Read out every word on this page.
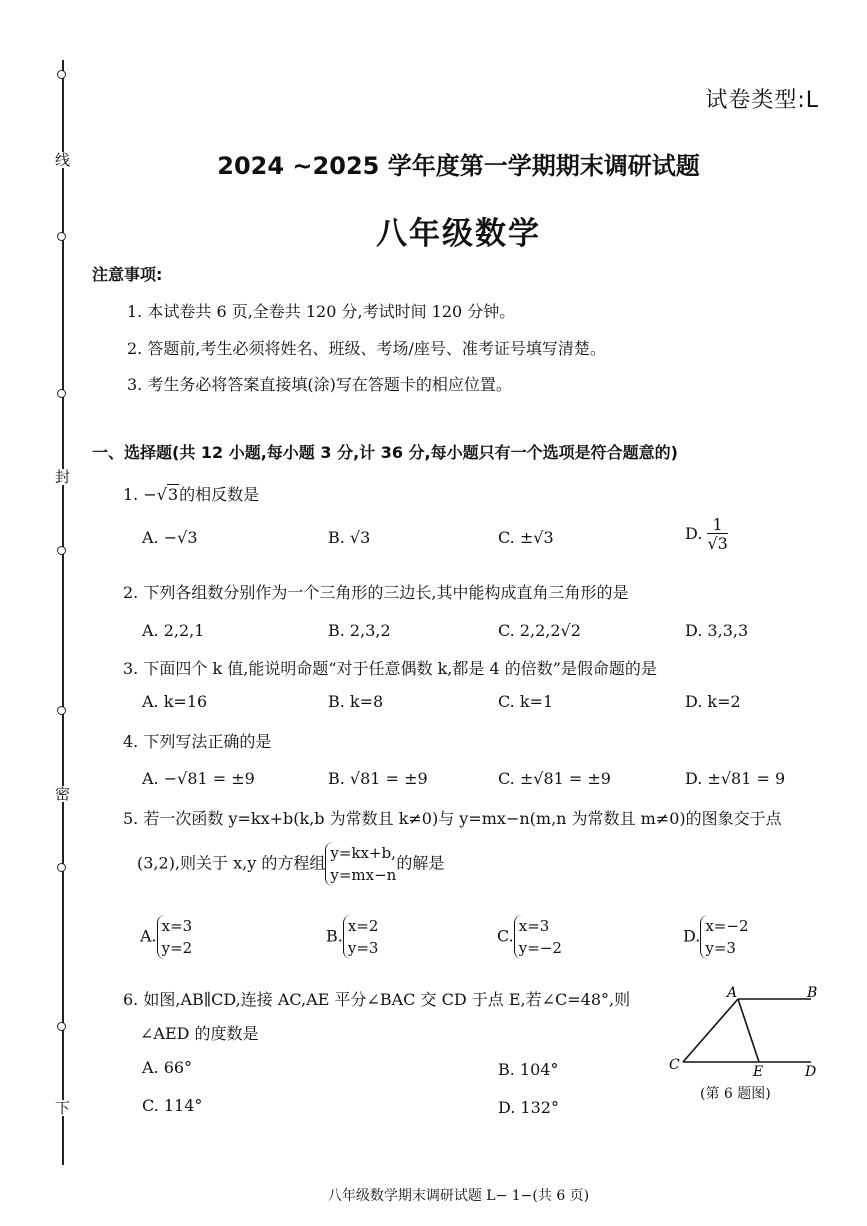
线
封
密
下
试卷类型:L
2024 ~2025 学年度第一学期期末调研试题
八年级数学
注意事项:
1. 本试卷共 6 页,全卷共 120 分,考试时间 120 分钟。
2. 答题前,考生必须将姓名、班级、考场/座号、准考证号填写清楚。
3. 考生务必将答案直接填(涂)写在答题卡的相应位置。
一、选择题(共 12 小题,每小题 3 分,计 36 分,每小题只有一个选项是符合题意的)
1. −√3的相反数是
A. −√3	B. √3	C. ±√3	D. $\frac{1}{√3}$
2. 下列各组数分别作为一个三角形的三边长,其中能构成直角三角形的是
A. 2,2,1	B. 2,3,2	C. 2,2,2√2	D. 3,3,3
3. 下面四个 k 值,能说明命题“对于任意偶数 k,都是 4 的倍数”是假命题的是
A. k=16	B. k=8	C. k=1	D. k=2
4. 下列写法正确的是
A. −√81 = ±9	B. √81 = ±9	C. ±√81 = ±9	D. ±√81 = 9
5. 若一次函数 y=kx+b(k,b 为常数且 k≠0)与 y=mx−n(m,n 为常数且 m≠0)的图象交于点
(3,2),则关于 x,y 的方程组y=kx+b,
y=mx−n的解是
A.x=3
y=2
B.x=2
y=3
C.x=3
y=−2
D.x=−2
y=3
6. 如图,AB∥CD,连接 AC,AE 平分∠BAC 交 CD 于点 E,若∠C=48°,则
∠AED 的度数是
A. 66°	B. 104°
C. 114°	D. 132°
A	B
C	E	D
(第 6 题图)
八年级数学期末调研试题 L− 1−(共 6 页)
